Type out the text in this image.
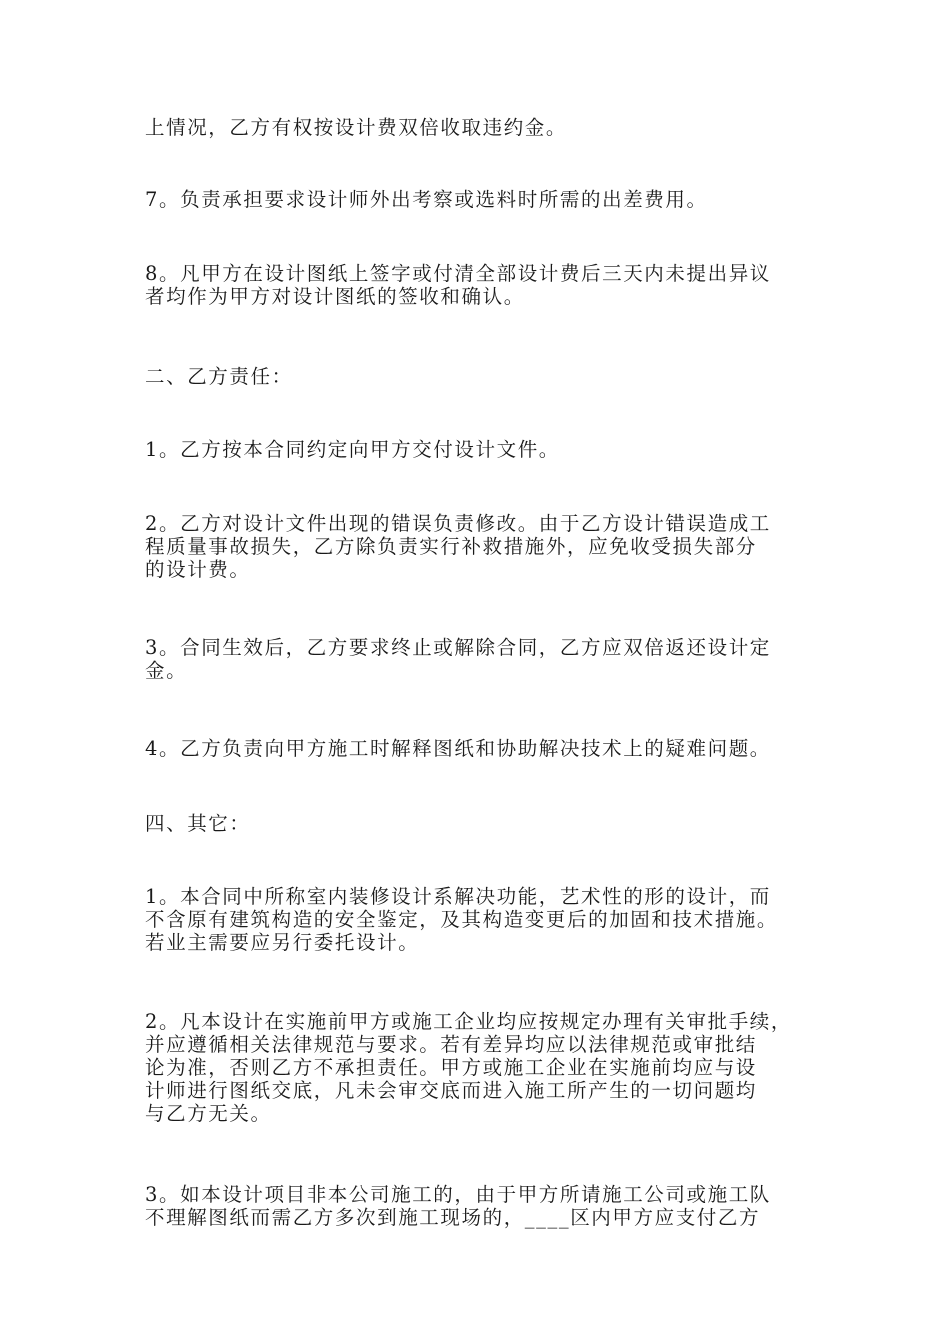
上情况，乙方有权按设计费双倍收取违约金。

7。负责承担要求设计师外出考察或选料时所需的出差费用。

8。凡甲方在设计图纸上签字或付清全部设计费后三天内未提出异议
者均作为甲方对设计图纸的签收和确认。

二、乙方责任：

1。乙方按本合同约定向甲方交付设计文件。

2。乙方对设计文件出现的错误负责修改。由于乙方设计错误造成工
程质量事故损失，乙方除负责实行补救措施外，应免收受损失部分
的设计费。

3。合同生效后，乙方要求终止或解除合同，乙方应双倍返还设计定
金。

4。乙方负责向甲方施工时解释图纸和协助解决技术上的疑难问题。

四、其它：

1。本合同中所称室内装修设计系解决功能，艺术性的形的设计，而
不含原有建筑构造的安全鉴定，及其构造变更后的加固和技术措施。
若业主需要应另行委托设计。

2。凡本设计在实施前甲方或施工企业均应按规定办理有关审批手续，
并应遵循相关法律规范与要求。若有差异均应以法律规范或审批结
论为准，否则乙方不承担责任。甲方或施工企业在实施前均应与设
计师进行图纸交底，凡未会审交底而进入施工所产生的一切问题均
与乙方无关。

3。如本设计项目非本公司施工的，由于甲方所请施工公司或施工队
不理解图纸而需乙方多次到施工现场的，____区内甲方应支付乙方
